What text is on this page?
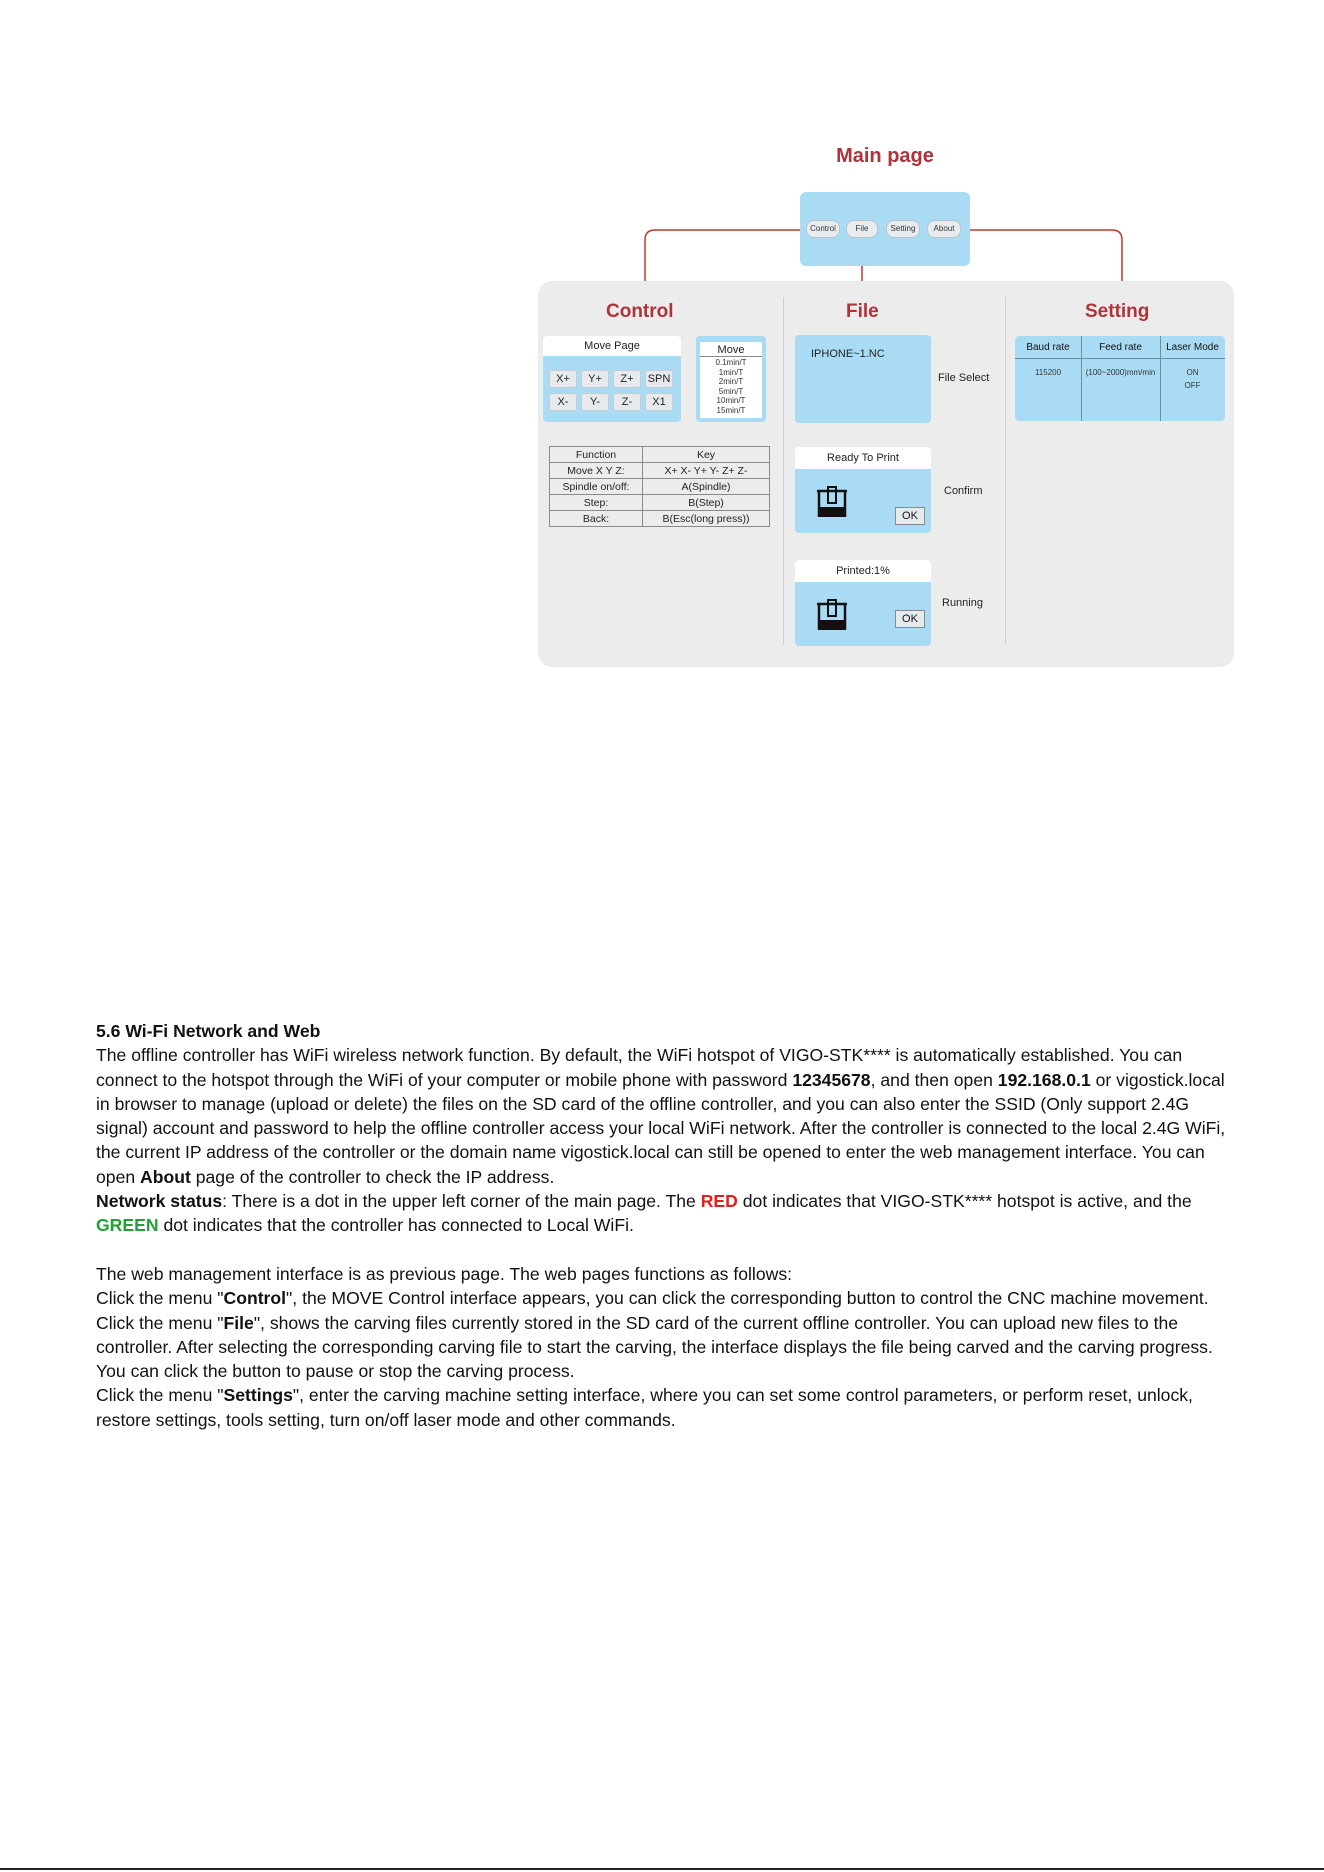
Main page
Control	File	Setting	About
Control
Move Page
X+	Y+	Z+	SPN
X-	Y-	Z-	X1
Move
0.1min/T
1min/T
2min/T
5min/T
10min/T
15min/T
Function	Key
Move X Y Z:	X+ X- Y+ Y- Z+ Z-
Spindle on/off:	A(Spindle)
Step:	B(Step)
Back:	B(Esc(long press))
File
IPHONE~1.NC
File Select
Ready To Print
OK
Confirm
Printed:1%
OK
Running
Setting
Baud rate	Feed rate	Laser Mode
115200	(100~2000)mm/min	ON
OFF

5.6 Wi-Fi Network and Web

The offline controller has WiFi wireless network function. By default, the WiFi hotspot of VIGO-STK**** is automatically established. You can connect to the hotspot through the WiFi of your computer or mobile phone with password 12345678, and then open 192.168.0.1 or vigostick.local in browser to manage (upload or delete) the files on the SD card of the offline controller, and you can also enter the SSID (Only support 2.4G signal) account and password to help the offline controller access your local WiFi network. After the controller is connected to the local 2.4G WiFi, the current IP address of the controller or the domain name vigostick.local can still be opened to enter the web management interface. You can open About page of the controller to check the IP address.

Network status: There is a dot in the upper left corner of the main page. The RED dot indicates that VIGO-STK**** hotspot is active, and the GREEN dot indicates that the controller has connected to Local WiFi.

The web management interface is as previous page. The web pages functions as follows:

Click the menu "Control", the MOVE Control interface appears, you can click the corresponding button to control the CNC machine movement.

Click the menu "File", shows the carving files currently stored in the SD card of the current offline controller. You can upload new files to the controller. After selecting the corresponding carving file to start the carving, the interface displays the file being carved and the carving progress. You can click the button to pause or stop the carving process.

Click the menu "Settings", enter the carving machine setting interface, where you can set some control parameters, or perform reset, unlock, restore settings, tools setting, turn on/off laser mode and other commands.
